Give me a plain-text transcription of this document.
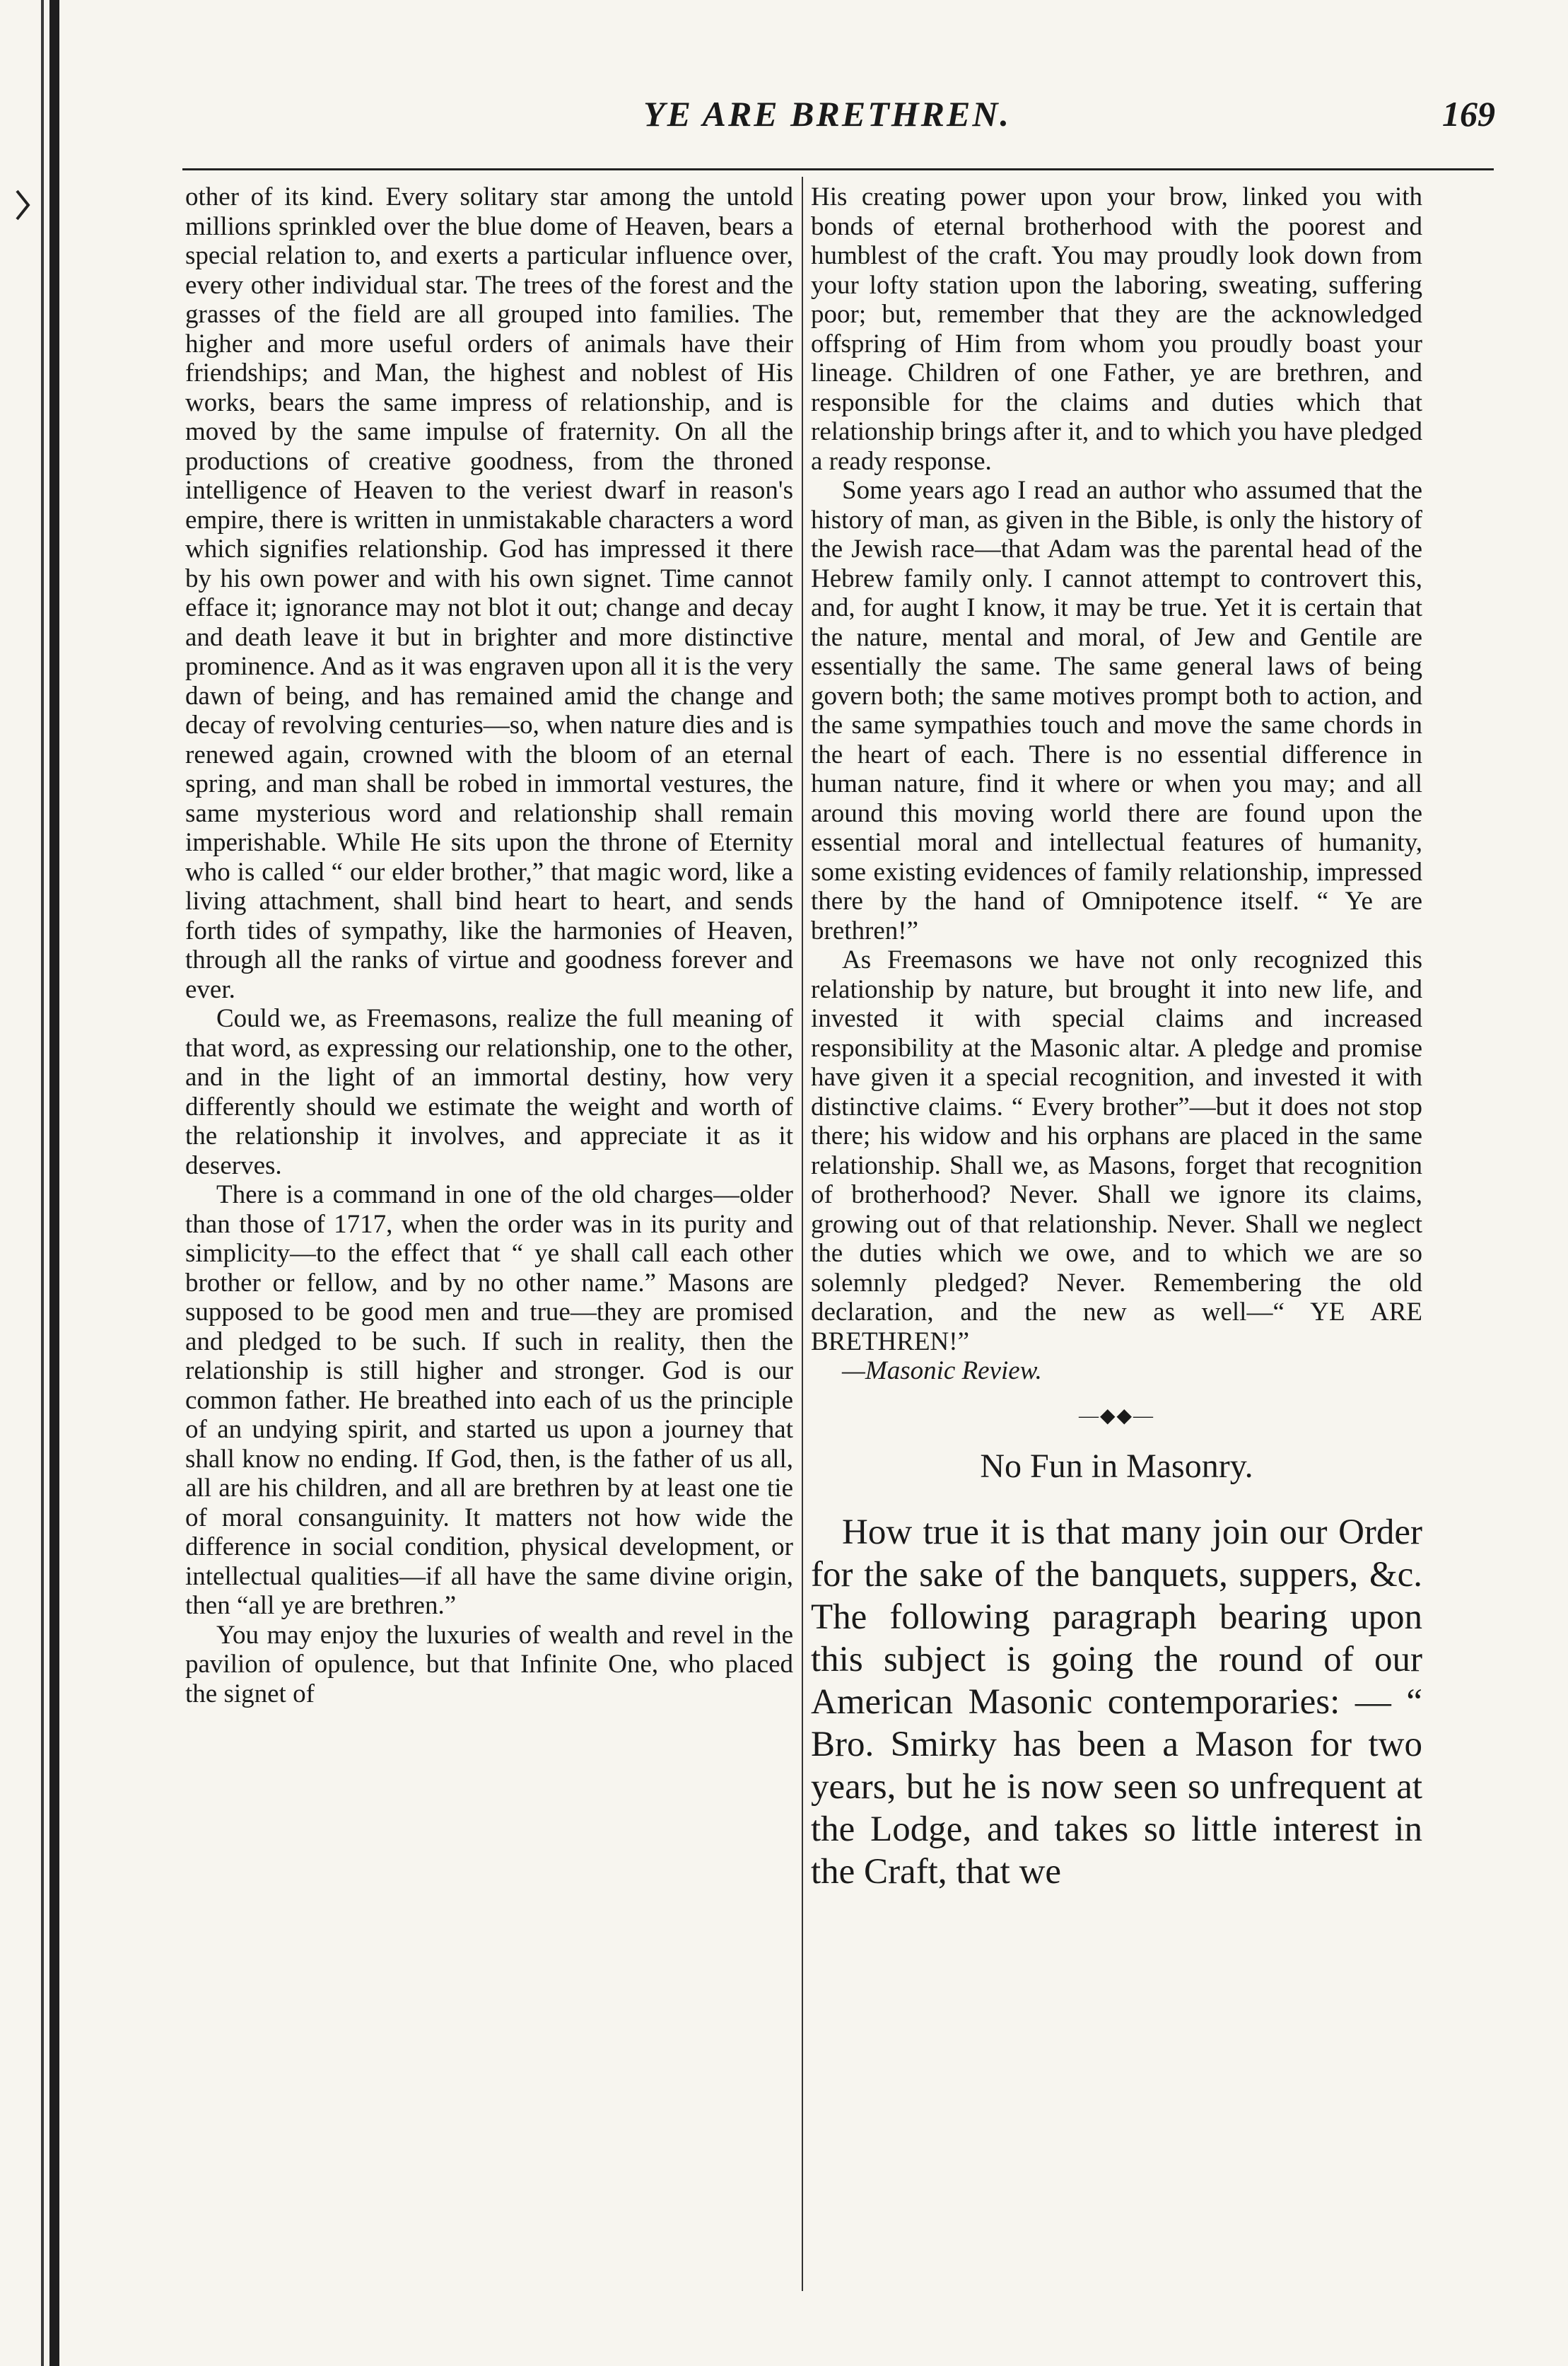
YE ARE BRETHREN.	169

other of its kind. Every solitary star among the untold millions sprinkled over the blue dome of Heaven, bears a special relation to, and exerts a particular influence over, every other individual star. The trees of the forest and the grasses of the field are all grouped into families. The higher and more useful orders of animals have their friendships; and Man, the highest and noblest of His works, bears the same impress of relationship, and is moved by the same impulse of fraternity. On all the productions of creative goodness, from the throned intelligence of Heaven to the veriest dwarf in reason's empire, there is written in unmistakable characters a word which signifies relationship. God has impressed it there by his own power and with his own signet. Time cannot efface it; ignorance may not blot it out; change and decay and death leave it but in brighter and more distinctive prominence. And as it was engraven upon all it is the very dawn of being, and has remained amid the change and decay of revolving centuries—so, when nature dies and is renewed again, crowned with the bloom of an eternal spring, and man shall be robed in immortal vestures, the same mysterious word and relationship shall remain imperishable. While He sits upon the throne of Eternity who is called “ our elder brother,” that magic word, like a living attachment, shall bind heart to heart, and sends forth tides of sympathy, like the harmonies of Heaven, through all the ranks of virtue and goodness forever and ever.

Could we, as Freemasons, realize the full meaning of that word, as expressing our relationship, one to the other, and in the light of an immortal destiny, how very differently should we estimate the weight and worth of the relationship it involves, and appreciate it as it deserves.

There is a command in one of the old charges—older than those of 1717, when the order was in its purity and simplicity—to the effect that “ ye shall call each other brother or fellow, and by no other name.” Masons are supposed to be good men and true—they are promised and pledged to be such. If such in reality, then the relationship is still higher and stronger. God is our common father. He breathed into each of us the principle of an undying spirit, and started us upon a journey that shall know no ending. If God, then, is the father of us all, all are his children, and all are brethren by at least one tie of moral consanguinity. It matters not how wide the difference in social condition, physical development, or intellectual qualities—if all have the same divine origin, then “all ye are brethren.”

You may enjoy the luxuries of wealth and revel in the pavilion of opulence, but that Infinite One, who placed the signet of

His creating power upon your brow, linked you with bonds of eternal brotherhood with the poorest and humblest of the craft. You may proudly look down from your lofty station upon the laboring, sweating, suffering poor; but, remember that they are the acknowledged offspring of Him from whom you proudly boast your lineage. Children of one Father, ye are brethren, and responsible for the claims and duties which that relationship brings after it, and to which you have pledged a ready response.

Some years ago I read an author who assumed that the history of man, as given in the Bible, is only the history of the Jewish race—that Adam was the parental head of the Hebrew family only. I cannot attempt to controvert this, and, for aught I know, it may be true. Yet it is certain that the nature, mental and moral, of Jew and Gentile are essentially the same. The same general laws of being govern both; the same motives prompt both to action, and the same sympathies touch and move the same chords in the heart of each. There is no essential difference in human nature, find it where or when you may; and all around this moving world there are found upon the essential moral and intellectual features of humanity, some existing evidences of family relationship, impressed there by the hand of Omnipotence itself. “ Ye are brethren!”

As Freemasons we have not only recognized this relationship by nature, but brought it into new life, and invested it with special claims and increased responsibility at the Masonic altar. A pledge and promise have given it a special recognition, and invested it with distinctive claims. “ Every brother”—but it does not stop there; his widow and his orphans are placed in the same relationship. Shall we, as Masons, forget that recognition of brotherhood? Never. Shall we ignore its claims, growing out of that relationship. Never. Shall we neglect the duties which we owe, and to which we are so solemnly pledged? Never. Remembering the old declaration, and the new as well—“ YE ARE BRETHREN!”

—Masonic Review.

—◆◆—
No Fun in Masonry.

How true it is that many join our Order for the sake of the banquets, suppers, &c. The following paragraph bearing upon this subject is going the round of our American Masonic contemporaries: — “ Bro. Smirky has been a Mason for two years, but he is now seen so unfrequent at the Lodge, and takes so little interest in the Craft, that we
